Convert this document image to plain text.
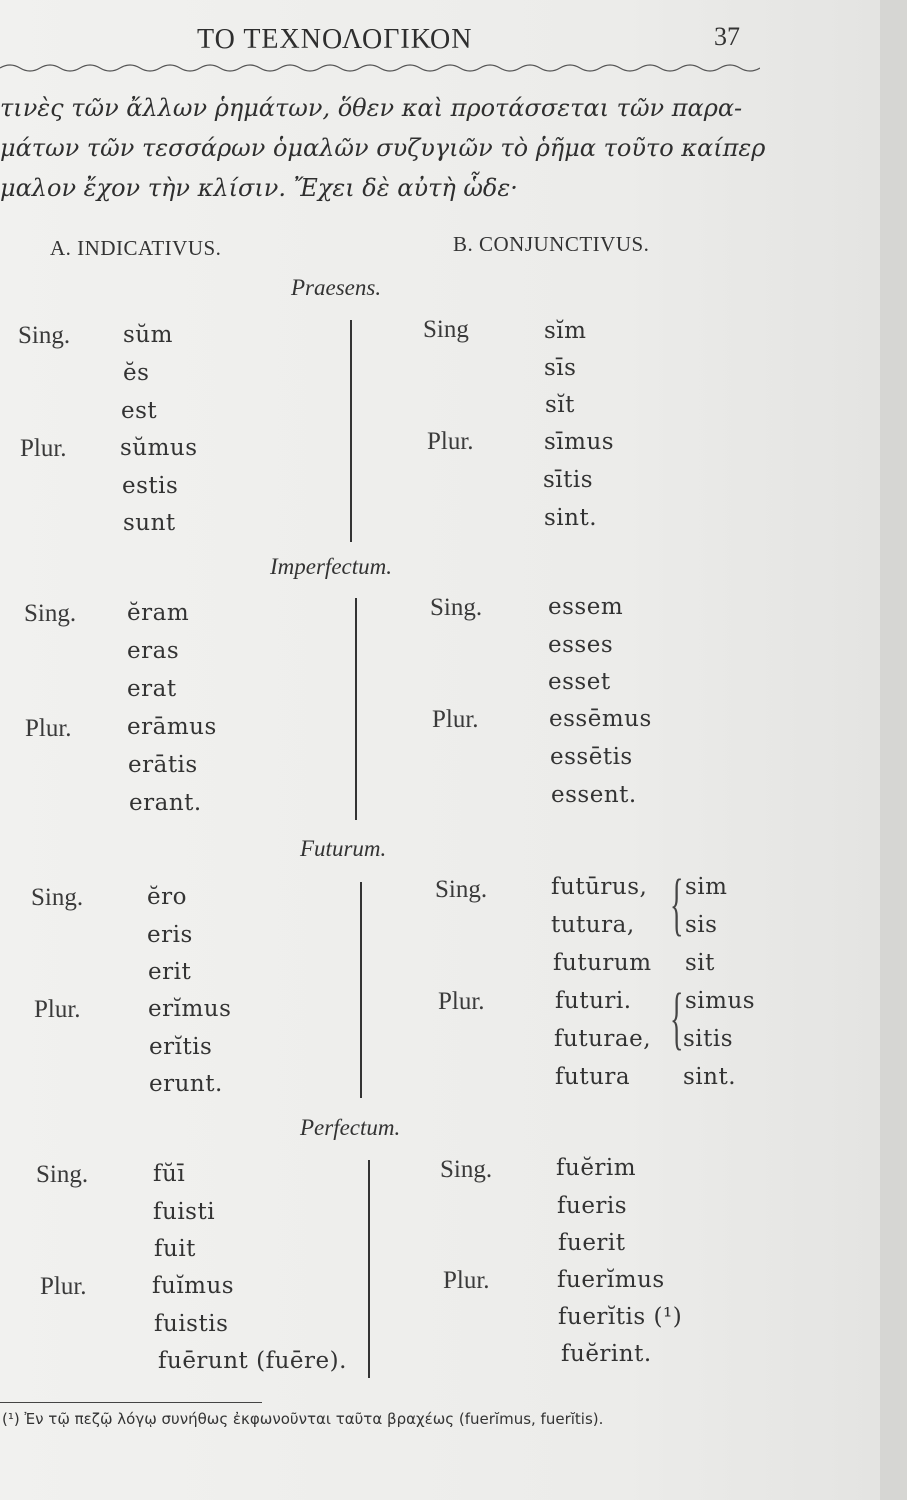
ΤΟ ΤΕΧΝΟΛΟΓΙΚΟΝ	37
τινὲς τῶν ἄλλων ῥημάτων, ὅθεν καὶ προτάσσεται τῶν παρα-
μάτων τῶν τεσσάρων ὁμαλῶν συζυγιῶν τὸ ῥῆμα τοῦτο καίπερ
μαλον ἔχον τὴν κλίσιν. Ἔχει δὲ αὐτὴ ὧδε·
A. INDICATIVUS.	B. CONJUNCTIVUS.
Praesens.
Sing.
Plur.
sŭm
ĕs
est
sŭmus
estis
sunt
Sing
Plur.
sĭm
sīs
sĭt
sīmus
sītis
sint.
Imperfectum.
Sing.
Plur.
ĕram
eras
erat
erāmus
erātis
erant.
Sing.
Plur.
essem
esses
esset
essēmus
essētis
essent.
Futurum.
Sing.
Plur.
ĕro
eris
erit
erĭmus
erĭtis
erunt.
Sing.
Plur.
futūrus,
tutura,
futurum
futuri.
futurae,
futura
{
{
sim
sis
sit
simus
sitis
sint.
Perfectum.
Sing.
Plur.
fŭī
fuisti
fuit
fuĭmus
fuistis
fuērunt (fuēre).
Sing.
Plur.
fuĕrim
fueris
fuerit
fuerĭmus
fuerĭtis (¹)
fuĕrint.
(¹) Ἐν τῷ πεζῷ λόγῳ συνήθως ἐκφωνοῦνται ταῦτα βραχέως (fuerĭmus, fuerĭtis).
